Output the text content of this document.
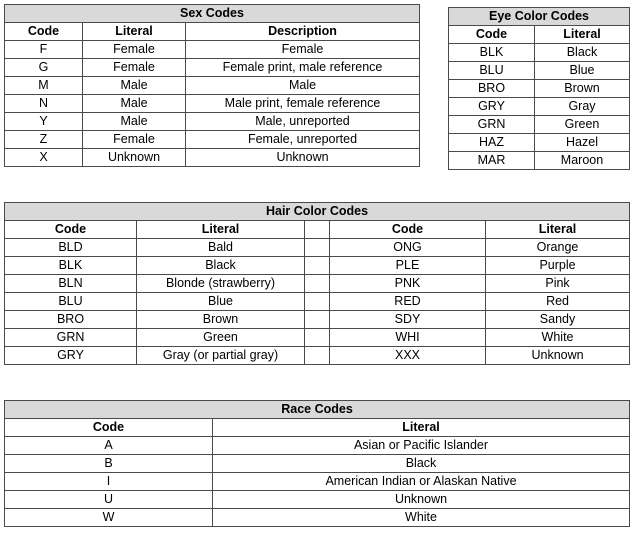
Sex Codes		
Code	Literal	Description
F	Female	Female
G	Female	Female print, male reference
M	Male	Male
N	Male	Male print, female reference
Y	Male	Male, unreported
Z	Female	Female, unreported
X	Unknown	Unknown
Eye Color Codes	
Code	Literal
BLK	Black
BLU	Blue
BRO	Brown
GRY	Gray
GRN	Green
HAZ	Hazel
MAR	Maroon
Hair Color Codes				
Code	Literal		Code	Literal
BLD	Bald		ONG	Orange
BLK	Black		PLE	Purple
BLN	Blonde (strawberry)		PNK	Pink
BLU	Blue		RED	Red
BRO	Brown		SDY	Sandy
GRN	Green		WHI	White
GRY	Gray (or partial gray)		XXX	Unknown
Race Codes	
Code	Literal
A	Asian or Pacific Islander
B	Black
I	American Indian or Alaskan Native
U	Unknown
W	White
